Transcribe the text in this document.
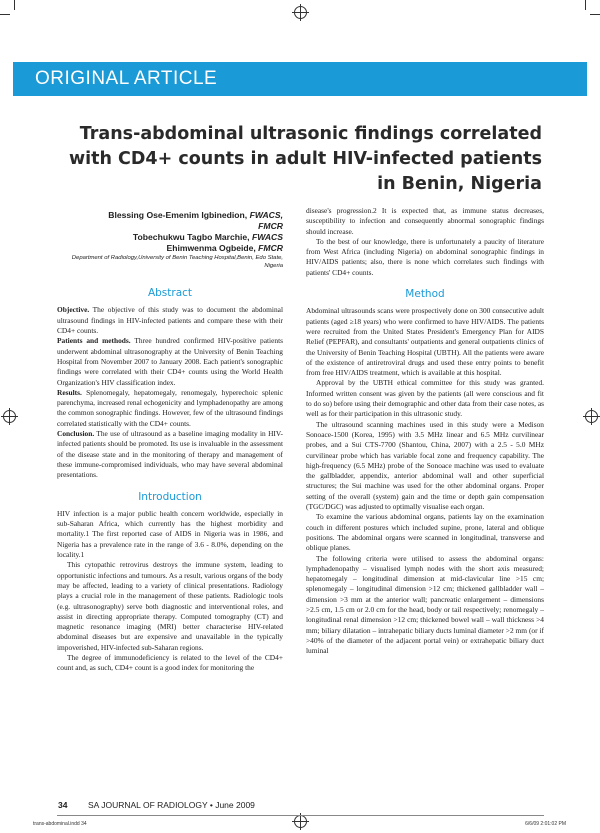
ORIGINAL ARTICLE
Trans-abdominal ultrasonic findings correlated
with CD4+ counts in adult HIV-infected patients
in Benin, Nigeria
Blessing Ose-Emenim Igbinedion, FWACS,
FMCR
Tobechukwu Tagbo Marchie, FWACS
Ehimwenma Ogbeide, FMCR
Department of Radiology,University of Benin Teaching Hospital,Benin, Edo State, Nigeria
Abstract

Objective. The objective of this study was to document the abdominal ultrasound findings in HIV-infected patients and compare these with their CD4+ counts.

Patients and methods. Three hundred confirmed HIV-positive patients underwent abdominal ultrasonography at the University of Benin Teaching Hospital from November 2007 to January 2008. Each patient's sonographic findings were correlated with their CD4+ counts using the World Health Organization's HIV classification index.

Results. Splenomegaly, hepatomegaly, renomegaly, hyperechoic splenic parenchyma, increased renal echogenicity and lymphadenopathy are among the common sonographic findings. However, few of the ultrasound findings correlated statistically with the CD4+ counts.

Conclusion. The use of ultrasound as a baseline imaging modality in HIV-infected patients should be promoted. Its use is invaluable in the assessment of the disease state and in the monitoring of therapy and management of these immune-compromised individuals, who may have several abdominal presentations.

Introduction

HIV infection is a major public health concern worldwide, especially in sub-Saharan Africa, which currently has the highest morbidity and mortality.1 The first reported case of AIDS in Nigeria was in 1986, and Nigeria has a prevalence rate in the range of 3.6 - 8.0%, depending on the locality.1

This cytopathic retrovirus destroys the immune system, leading to opportunistic infections and tumours. As a result, various organs of the body may be affected, leading to a variety of clinical presentations. Radiology plays a crucial role in the management of these patients. Radiologic tools (e.g. ultrasonography) serve both diagnostic and interventional roles, and assist in directing appropriate therapy. Computed tomography (CT) and magnetic resonance imaging (MRI) better characterise HIV-related abdominal diseases but are expensive and unavailable in the typically impoverished, HIV-infected sub-Saharan regions.

The degree of immunodeficiency is related to the level of the CD4+ count and, as such, CD4+ count is a good index for monitoring the

disease's progression.2 It is expected that, as immune status decreases, susceptibility to infection and consequently abnormal sonographic findings should increase.

To the best of our knowledge, there is unfortunately a paucity of literature from West Africa (including Nigeria) on abdominal sonographic findings in HIV/AIDS patients; also, there is none which correlates such findings with patients' CD4+ counts.

Method

Abdominal ultrasounds scans were prospectively done on 300 consecutive adult patients (aged ≥18 years) who were confirmed to have HIV/AIDS. The patients were recruited from the United States President's Emergency Plan for AIDS Relief (PEPFAR), and consultants' outpatients and general outpatients clinics of the University of Benin Teaching Hospital (UBTH). All the patients were aware of the existence of antiretroviral drugs and used these entry points to benefit from free HIV/AIDS treatment, which is available at this hospital.

Approval by the UBTH ethical committee for this study was granted. Informed written consent was given by the patients (all were conscious and fit to do so) before using their demographic and other data from their case notes, as well as for their participation in this ultrasonic study.

The ultrasound scanning machines used in this study were a Medison Sonoace-1500 (Korea, 1995) with 3.5 MHz linear and 6.5 MHz curvilinear probes, and a Sui CTS-7700 (Shantou, China, 2007) with a 2.5 - 5.0 MHz curvilinear probe which has variable focal zone and frequency capability. The high-frequency (6.5 MHz) probe of the Sonoace machine was used to evaluate the gallbladder, appendix, anterior abdominal wall and other superficial structures; the Sui machine was used for the other abdominal organs. Proper setting of the overall (system) gain and the time or depth gain compensation (TGC/DGC) was adjusted to optimally visualise each organ.

To examine the various abdominal organs, patients lay on the examination couch in different postures which included supine, prone, lateral and oblique positions. The abdominal organs were scanned in longitudinal, transverse and oblique planes.

The following criteria were utilised to assess the abdominal organs: lymphadenopathy – visualised lymph nodes with the short axis measured; hepatomegaly – longitudinal dimension at mid-clavicular line >15 cm; splenomegaly – longitudinal dimension >12 cm; thickened gallbladder wall – dimension >3 mm at the anterior wall; pancreatic enlargement – dimensions >2.5 cm, 1.5 cm or 2.0 cm for the head, body or tail respectively; renomegaly – longitudinal renal dimension >12 cm; thickened bowel wall – wall thickness >4 mm; biliary dilatation – intrahepatic biliary ducts luminal diameter >2 mm (or if >40% of the diameter of the adjacent portal vein) or extrahepatic biliary duct luminal

34 SA JOURNAL OF RADIOLOGY • June 2009
trans-abdominal.indd 34	6/6/09 2:01:02 PM
